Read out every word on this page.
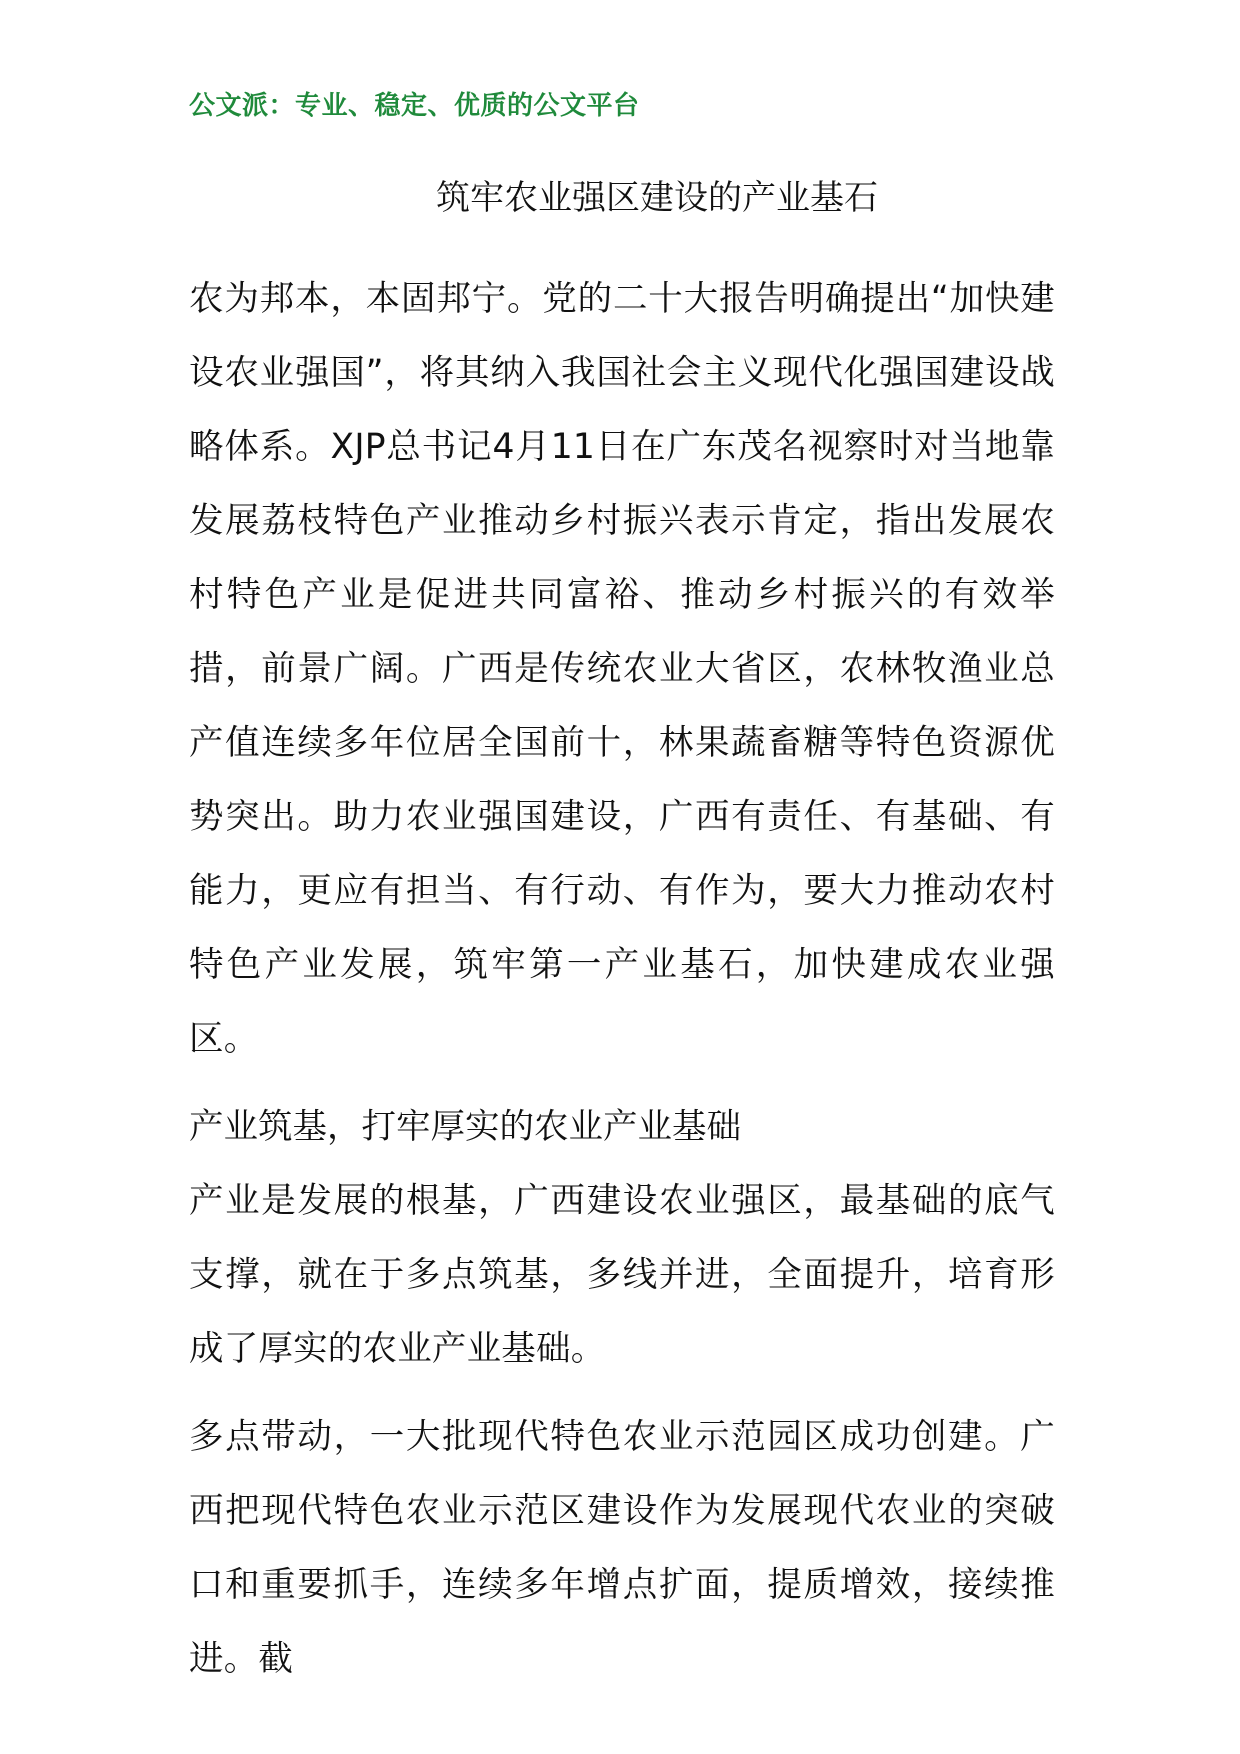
公文派：专业、稳定、优质的公文平台
筑牢农业强区建设的产业基石

农为邦本，本固邦宁。党的二十大报告明确提出“加快建设农业强国”，将其纳入我国社会主义现代化强国建设战略体系。XJP总书记4月11日在广东茂名视察时对当地靠发展荔枝特色产业推动乡村振兴表示肯定，指出发展农村特色产业是促进共同富裕、推动乡村振兴的有效举措，前景广阔。广西是传统农业大省区，农林牧渔业总产值连续多年位居全国前十，林果蔬畜糖等特色资源优势突出。助力农业强国建设，广西有责任、有基础、有能力，更应有担当、有行动、有作为，要大力推动农村特色产业发展，筑牢第一产业基石，加快建成农业强区。

产业筑基，打牢厚实的农业产业基础

产业是发展的根基，广西建设农业强区，最基础的底气支撑，就在于多点筑基，多线并进，全面提升，培育形成了厚实的农业产业基础。

多点带动，一大批现代特色农业示范园区成功创建。广西把现代特色农业示范区建设作为发展现代农业的突破口和重要抓手，连续多年增点扩面，提质增效，接续推进。截
